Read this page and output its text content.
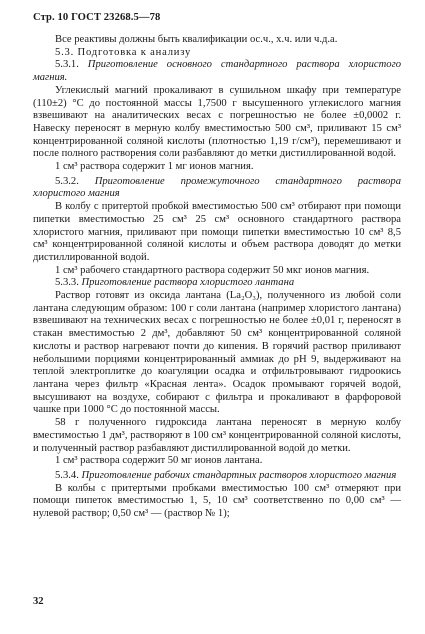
Стр. 10 ГОСТ 23268.5—78

Все реактивы должны быть квалификации ос.ч., х.ч. или ч.д.а.

5.3. Подготовка к анализу

5.3.1. Приготовление основного стандартного раствора хлористого магния.

Углекислый магний прокаливают в сушильном шкафу при температуре (110±2) °С до постоянной массы 1,7500 г высушенного углекислого магния взвешивают на аналитических весах с погрешностью не более ±0,0002 г. Навеску переносят в мерную колбу вместимостью 500 см³, приливают 15 см³ концентрированной соляной кислоты (плотностью 1,19 г/см³), перемешивают и после полного растворения соли разбавляют до метки дистиллированной водой.

1 см³ раствора содержит 1 мг ионов магния.

5.3.2. Приготовление промежуточного стандартного раствора хлористого магния

В колбу с притертой пробкой вместимостью 500 см³ отбирают при помощи пипетки вместимостью 25 см³ 25 см³ основного стандартного раствора хлористого магния, приливают при помощи пипетки вместимостью 10 см³ 8,5 см³ концентрированной соляной кислоты и объем раствора доводят до метки дистиллированной водой.

1 см³ рабочего стандартного раствора содержит 50 мкг ионов магния.

5.3.3. Приготовление раствора хлористого лантана

Раствор готовят из оксида лантана (La₂O₃), полученного из любой соли лантана следующим образом: 100 г соли лантана (например хлористого лантана) взвешивают на технических весах с погрешностью не более ±0,01 г, переносят в стакан вместимостью 2 дм³, добавляют 50 см³ концентрированной соляной кислоты и раствор нагревают почти до кипения. В горячий раствор приливают небольшими порциями концентрированный аммиак до pH 9, выдерживают на теплой электроплитке до коагуляции осадка и отфильтровывают гидроокись лантана через фильтр «Красная лента». Осадок промывают горячей водой, высушивают на воздухе, собирают с фильтра и прокаливают в фарфоровой чашке при 1000 °С до постоянной массы.

58 г полученного гидроксида лантана переносят в мерную колбу вместимостью 1 дм³, растворяют в 100 см³ концентрированной соляной кислоты, и полученный раствор разбавляют дистиллированной водой до метки.

1 см³ раствора содержит 50 мг ионов лантана.

5.3.4. Приготовление рабочих стандартных растворов хлористого магния

В колбы с притертыми пробками вместимостью 100 см³ отмеряют при помощи пипеток вместимостью 1, 5, 10 см³ соответственно по 0,00 см³ — нулевой раствор; 0,50 см³ — (раствор № 1);

32
